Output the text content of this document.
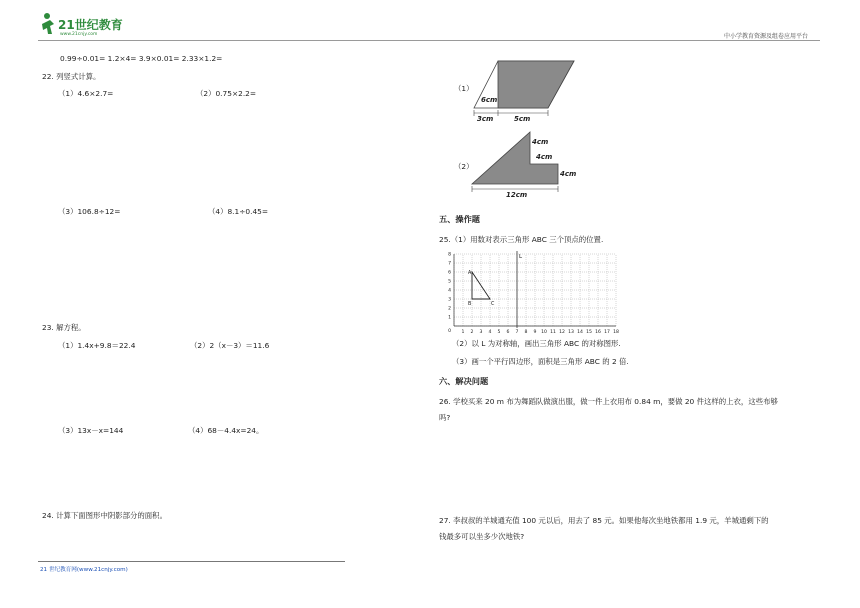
21世纪教育
www.21cnjy.com	中小学教育资源及组卷应用平台
0.99÷0.01= 1.2×4= 3.9×0.01= 2.33×1.2=
22. 列竖式计算。
（1）4.6×2.7=	（2）0.75×2.2=
（3）106.8÷12=	（4）8.1÷0.45=
23. 解方程。
（1）1.4x+9.8＝22.4	（2）2（x－3）＝11.6
（3）13x－x=144	（4）68－4.4x=24。
24. 计算下面图形中阴影部分的面积。
（1）
6cm
3cm	5cm
（2）
4cm
4cm
4cm
12cm
五、操作题
25.（1）用数对表示三角形 ABC 三个顶点的位置.
L
1 2 3 4 5 6 7 8 9 10 11 12 13 14 15 16 17 18
1
2
3
4
5
6
7
8
0
A
B	C
（2）以 L 为对称轴，画出三角形 ABC 的对称图形.
（3）画一个平行四边形，面积是三角形 ABC 的 2 倍.
六、解决问题
26. 学校买来 20 m 布为舞蹈队做演出服，做一件上衣用布 0.84 m，要做 20 件这样的上衣，这些布够
吗?
27. 李叔叔的羊城通充值 100 元以后，用去了 85 元。如果他每次坐地铁都用 1.9 元，羊城通剩下的
钱最多可以坐多少次地铁?
21 世纪教育网(www.21cnjy.com)
